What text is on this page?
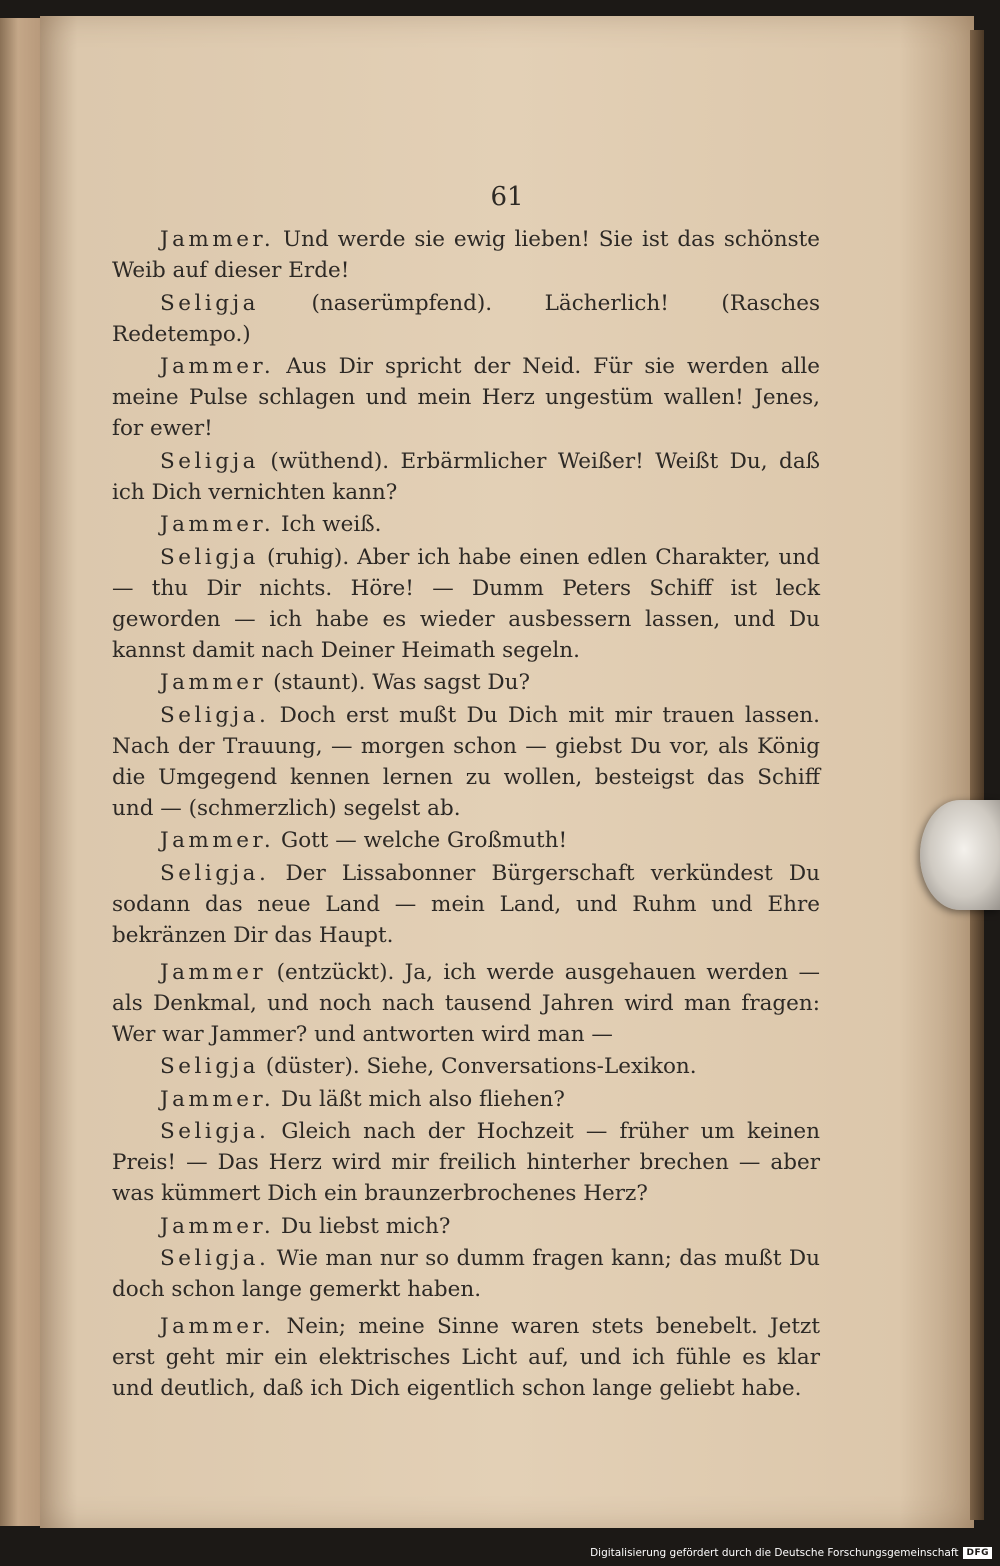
61

Jammer. Und werde sie ewig lieben! Sie ist das schönste Weib auf dieser Erde!

Seligja (naserümpfend). Lächerlich! (Rasches Redetempo.)

Jammer. Aus Dir spricht der Neid. Für sie werden alle meine Pulse schlagen und mein Herz ungestüm wallen! Jenes, for ewer!

Seligja (wüthend). Erbärmlicher Weißer! Weißt Du, daß ich Dich vernichten kann?

Jammer. Ich weiß.

Seligja (ruhig). Aber ich habe einen edlen Charakter, und — thu Dir nichts. Höre! — Dumm Peters Schiff ist leck geworden — ich habe es wieder ausbessern lassen, und Du kannst damit nach Deiner Heimath segeln.

Jammer (staunt). Was sagst Du?

Seligja. Doch erst mußt Du Dich mit mir trauen lassen. Nach der Trauung, — morgen schon — giebst Du vor, als König die Umgegend kennen lernen zu wollen, besteigst das Schiff und — (schmerzlich) segelst ab.

Jammer. Gott — welche Großmuth!

Seligja. Der Lissabonner Bürgerschaft verkündest Du sodann das neue Land — mein Land, und Ruhm und Ehre bekränzen Dir das Haupt.

Jammer (entzückt). Ja, ich werde ausgehauen werden — als Denkmal, und noch nach tausend Jahren wird man fragen: Wer war Jammer? und antworten wird man —

Seligja (düster). Siehe, Conversations-Lexikon.

Jammer. Du läßt mich also fliehen?

Seligja. Gleich nach der Hochzeit — früher um keinen Preis! — Das Herz wird mir freilich hinterher brechen — aber was kümmert Dich ein braunzerbrochenes Herz?

Jammer. Du liebst mich?

Seligja. Wie man nur so dumm fragen kann; das mußt Du doch schon lange gemerkt haben.

Jammer. Nein; meine Sinne waren stets benebelt. Jetzt erst geht mir ein elektrisches Licht auf, und ich fühle es klar und deutlich, daß ich Dich eigentlich schon lange geliebt habe.

Digitalisierung gefördert durch die Deutsche Forschungsgemeinschaft DFG
